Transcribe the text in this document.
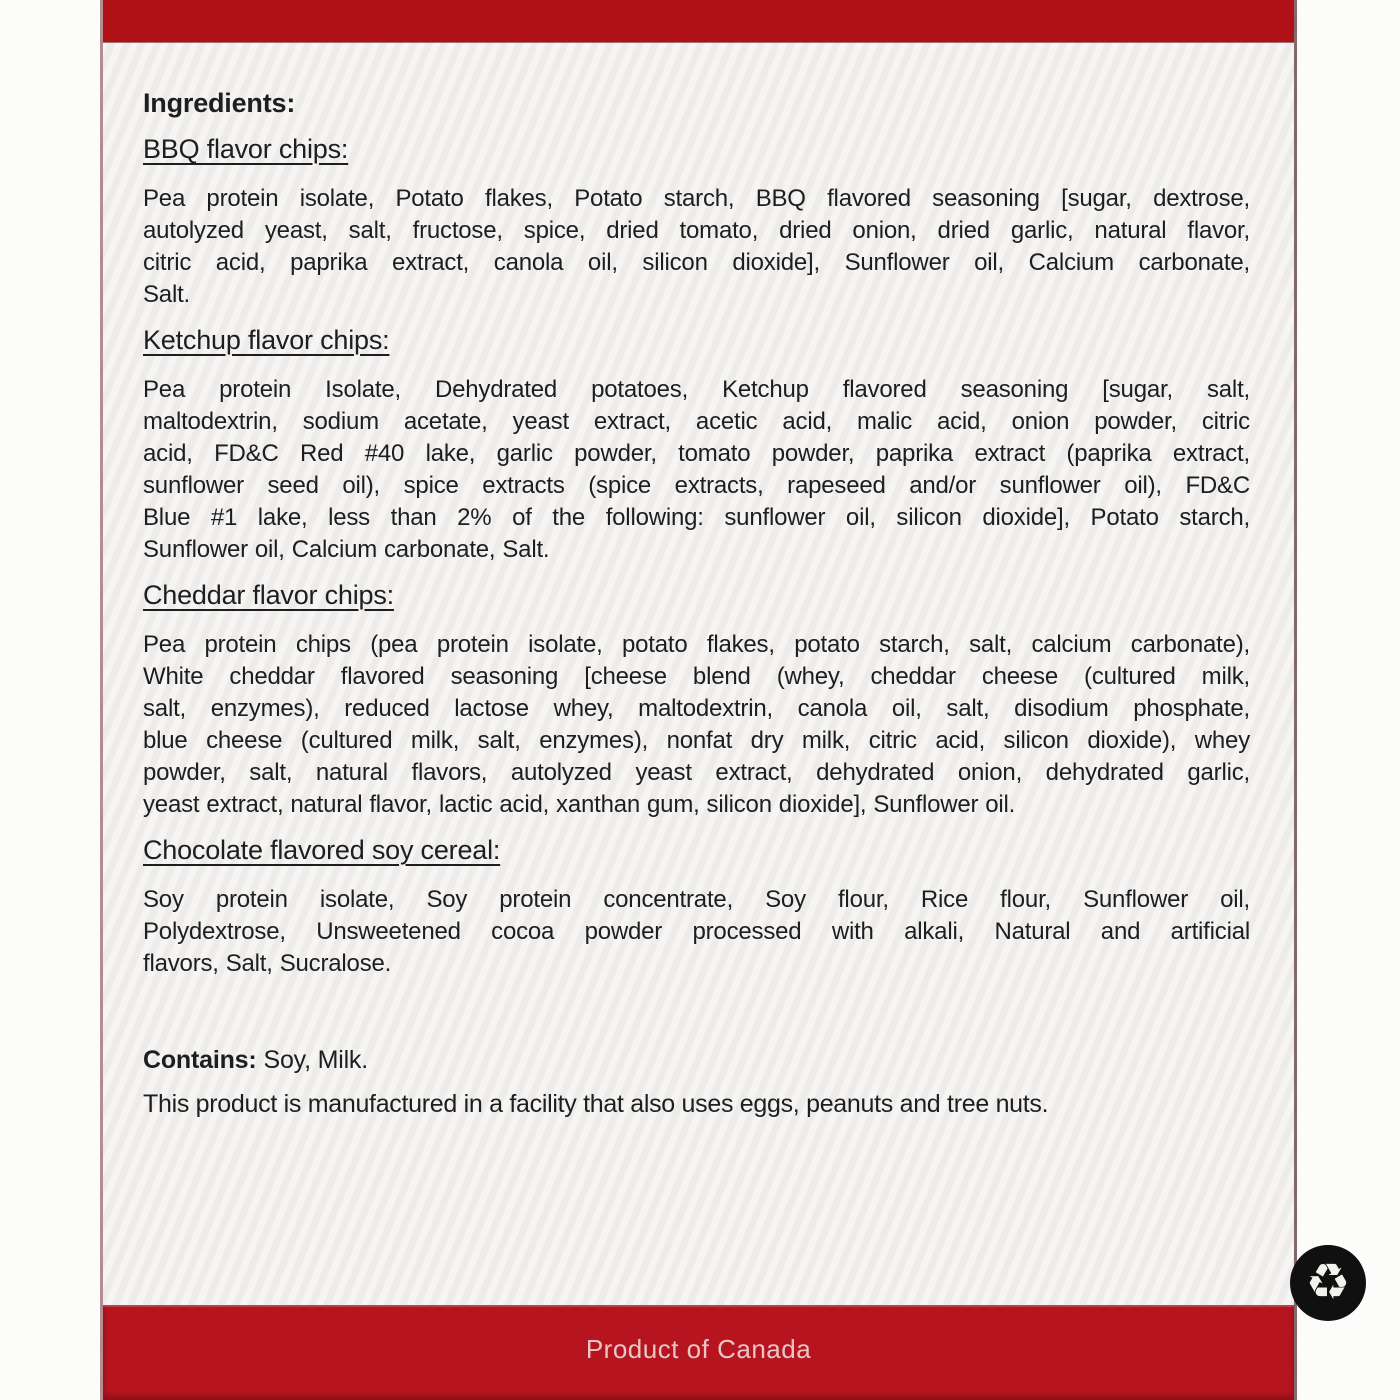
Ingredients:
BBQ flavor chips:
Pea protein isolate, Potato flakes, Potato starch, BBQ flavored seasoning [sugar, dextrose,
autolyzed yeast, salt, fructose, spice, dried tomato, dried onion, dried garlic, natural flavor,
citric acid, paprika extract, canola oil, silicon dioxide], Sunflower oil, Calcium carbonate,
Salt.
Ketchup flavor chips:
Pea protein Isolate, Dehydrated potatoes, Ketchup flavored seasoning [sugar, salt,
maltodextrin, sodium acetate, yeast extract, acetic acid, malic acid, onion powder, citric
acid, FD&C Red #40 lake, garlic powder, tomato powder, paprika extract (paprika extract,
sunflower seed oil), spice extracts (spice extracts, rapeseed and/or sunflower oil), FD&C
Blue #1 lake, less than 2% of the following: sunflower oil, silicon dioxide], Potato starch,
Sunflower oil, Calcium carbonate, Salt.
Cheddar flavor chips:
Pea protein chips (pea protein isolate, potato flakes, potato starch, salt, calcium carbonate),
White cheddar flavored seasoning [cheese blend (whey, cheddar cheese (cultured milk,
salt, enzymes), reduced lactose whey, maltodextrin, canola oil, salt, disodium phosphate,
blue cheese (cultured milk, salt, enzymes), nonfat dry milk, citric acid, silicon dioxide), whey
powder, salt, natural flavors, autolyzed yeast extract, dehydrated onion, dehydrated garlic,
yeast extract, natural flavor, lactic acid, xanthan gum, silicon dioxide], Sunflower oil.
Chocolate flavored soy cereal:
Soy protein isolate, Soy protein concentrate, Soy flour, Rice flour, Sunflower oil,
Polydextrose, Unsweetened cocoa powder processed with alkali, Natural and artificial
flavors, Salt, Sucralose.
Contains: Soy, Milk.
This product is manufactured in a facility that also uses eggs, peanuts and tree nuts.
♻
Product of Canada
